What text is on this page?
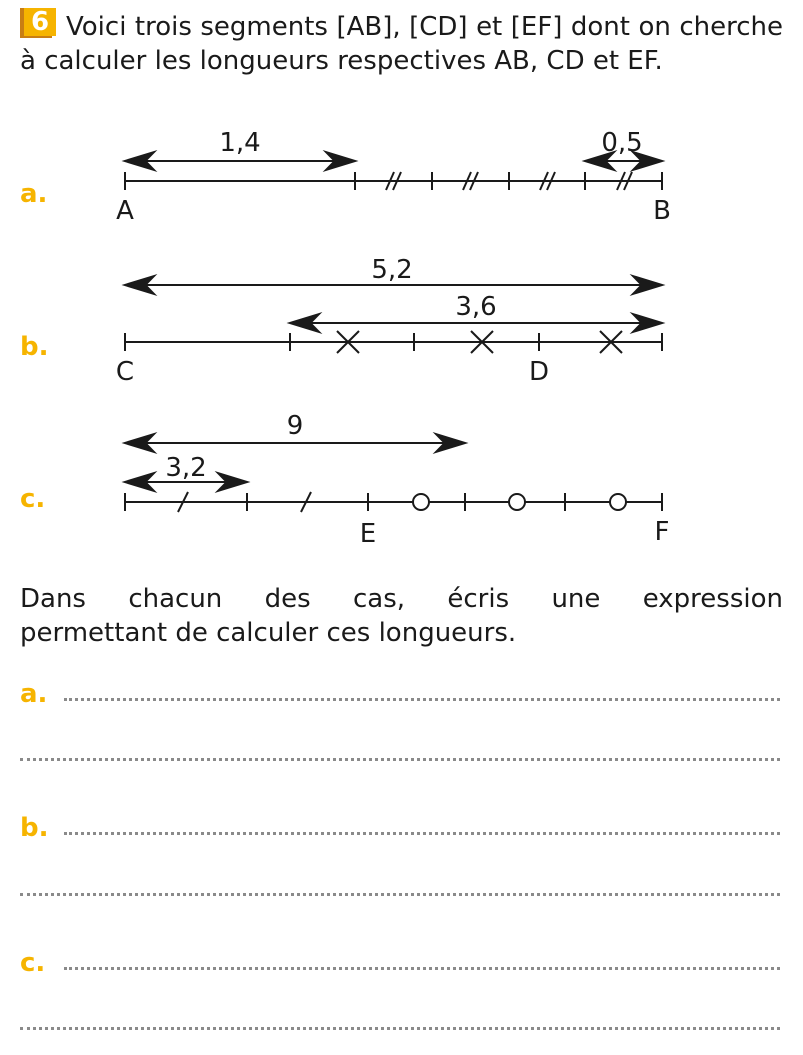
6 Voici trois segments [AB], [CD] et [EF] dont on cherche à calculer les longueurs respectives AB, CD et EF.

a.
1,4	0,5
A	B
b.
5,2
3,6
C	D
c.
9
3,2
E	F

Dans chacun des cas, écris une expression
permettant de calculer ces longueurs.

a.
b.
c.
